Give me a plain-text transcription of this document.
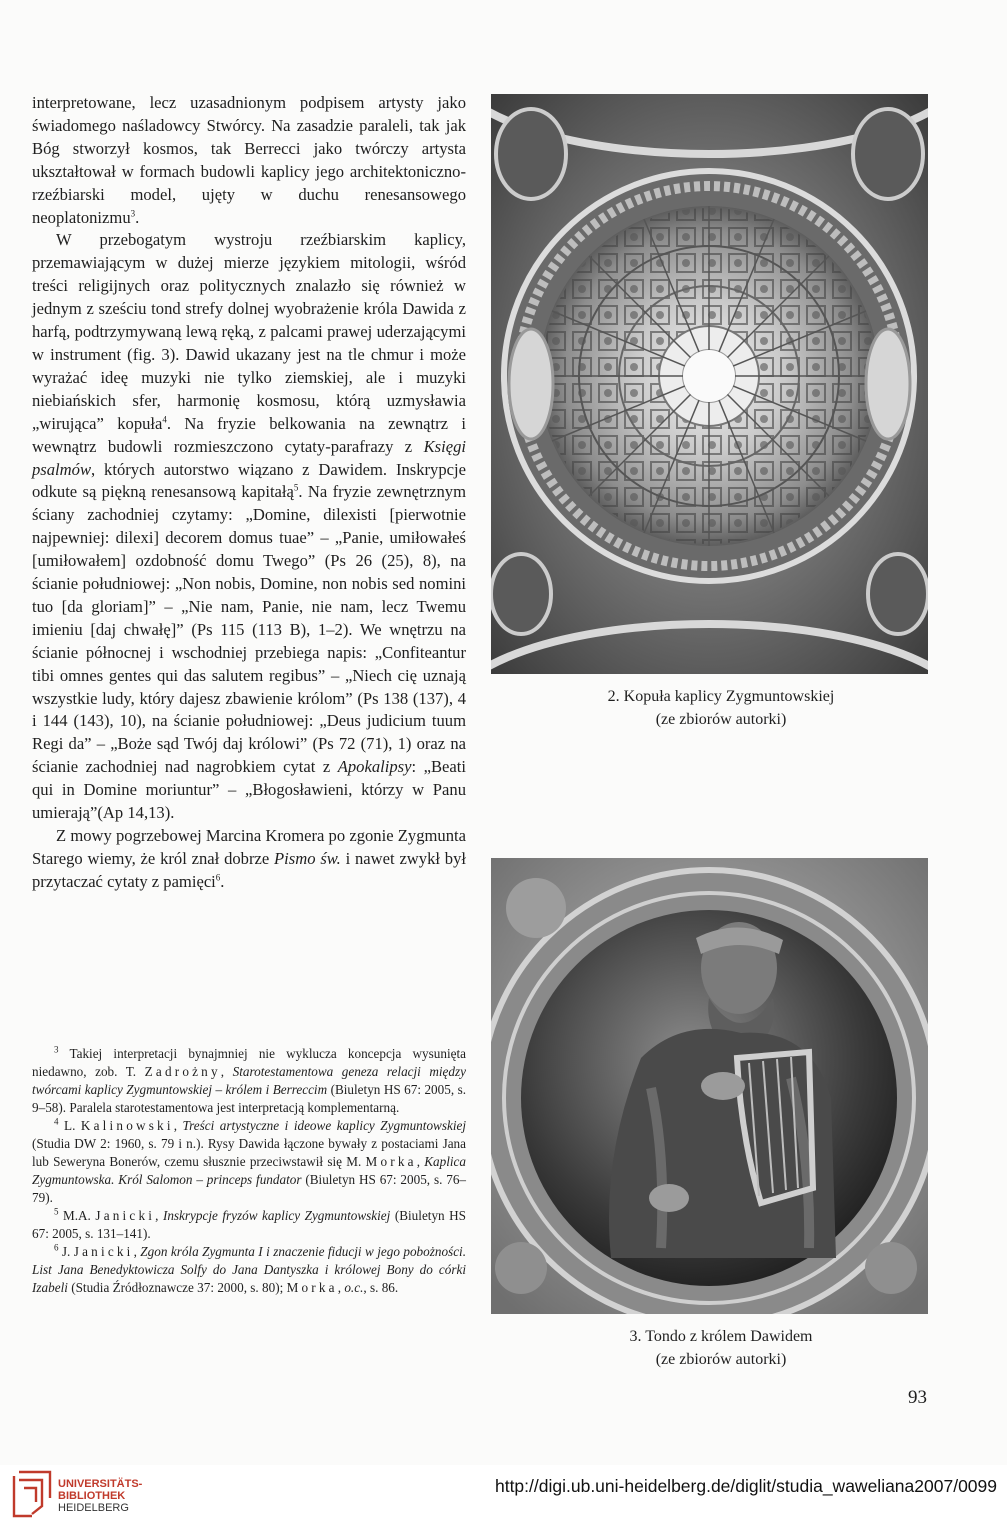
interpretowane, lecz uzasadnionym podpisem artysty jako świadomego naśladowcy Stwórcy. Na zasadzie paraleli, tak jak Bóg stworzył kosmos, tak Berrecci jako twórczy artysta ukształtował w formach budowli kaplicy jego architektoniczno-rzeźbiarski model, ujęty w duchu renesansowego neoplatonizmu$^3$.

W przebogatym wystroju rzeźbiarskim kaplicy, przemawiającym w dużej mierze językiem mitologii, wśród treści religijnych oraz politycznych znalazło się również w jednym z sześciu tond strefy dolnej wyobrażenie króla Dawida z harfą, podtrzymywaną lewą ręką, z palcami prawej uderzającymi w instrument (fig. 3). Dawid ukazany jest na tle chmur i może wyrażać ideę muzyki nie tylko ziemskiej, ale i muzyki niebiańskich sfer, harmonię kosmosu, którą uzmysławia „wirująca” kopuła$^4$. Na fryzie belkowania na zewnątrz i wewnątrz budowli rozmieszczono cytaty-parafrazy z Księgi psalmów, których autorstwo wiązano z Dawidem. Inskrypcje odkute są piękną renesansową kapitałą$^5$. Na fryzie zewnętrznym ściany zachodniej czytamy: „Domine, dilexisti [pierwotnie najpewniej: dilexi] decorem domus tuae” – „Panie, umiłowałeś [umiłowałem] ozdobność domu Twego” (Ps 26 (25), 8), na ścianie południowej: „Non nobis, Domine, non nobis sed nomini tuo [da gloriam]” – „Nie nam, Panie, nie nam, lecz Twemu imieniu [daj chwałę]” (Ps 115 (113 B), 1–2). We wnętrzu na ścianie północnej i wschodniej przebiega napis: „Confiteantur tibi omnes gentes qui das salutem regibus” – „Niech cię uznają wszystkie ludy, który dajesz zbawienie królom” (Ps 138 (137), 4 i 144 (143), 10), na ścianie południowej: „Deus judicium tuum Regi da” – „Boże sąd Twój daj królowi” (Ps 72 (71), 1) oraz na ścianie zachodniej nad nagrobkiem cytat z Apokalipsy: „Beati qui in Domine moriuntur” – „Błogosławieni, którzy w Panu umierają”(Ap 14,13).

Z mowy pogrzebowej Marcina Kromera po zgonie Zygmunta Starego wiemy, że król znał dobrze Pismo św. i nawet zwykł był przytaczać cytaty z pamięci$^6$.

$^3$ Takiej interpretacji bynajmniej nie wyklucza koncepcja wysunięta niedawno, zob. T. Zadrożny, Starotestamentowa geneza relacji między twórcami kaplicy Zygmuntowskiej – królem i Berreccim (Biuletyn HS 67: 2005, s. 9–58). Paralela starotestamentowa jest interpretacją komplementarną.

$^4$ L. Kalinowski, Treści artystyczne i ideowe kaplicy Zygmuntowskiej (Studia DW 2: 1960, s. 79 i n.). Rysy Dawida łączone bywały z postaciami Jana lub Seweryna Bonerów, czemu słusznie przeciwstawił się M. Morka, Kaplica Zygmuntowska. Król Salomon – princeps fundator (Biuletyn HS 67: 2005, s. 76–79).

$^5$ M.A. Janicki, Inskrypcje fryzów kaplicy Zygmuntowskiej (Biuletyn HS 67: 2005, s. 131–141).

$^6$ J. Janicki, Zgon króla Zygmunta I i znaczenie fiducji w jego pobożności. List Jana Benedyktowicza Solfy do Jana Dantyszka i królowej Bony do córki Izabeli (Studia Źródłoznawcze 37: 2000, s. 80); Morka, o.c., s. 86.

2. Kopuła kaplicy Zygmuntowskiej
(ze zbiorów autorki)
3. Tondo z królem Dawidem
(ze zbiorów autorki)
93
UNIVERSITÄTS-
BIBLIOTHEK
HEIDELBERG
http://digi.ub.uni-heidelberg.de/diglit/studia_waweliana2007/0099
